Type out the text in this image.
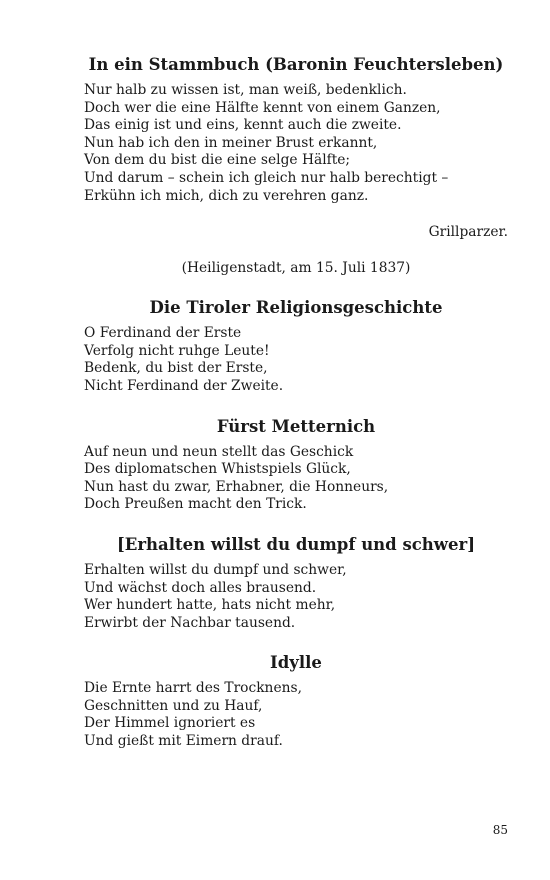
In ein Stammbuch (Baronin Feuchtersleben)
Nur halb zu wissen ist, man weiß, bedenklich.
Doch wer die eine Hälfte kennt von einem Ganzen,
Das einig ist und eins, kennt auch die zweite.
Nun hab ich den in meiner Brust erkannt,
Von dem du bist die eine selge Hälfte;
Und darum – schein ich gleich nur halb berechtigt –
Erkühn ich mich, dich zu verehren ganz.
Grillparzer.
(Heiligenstadt, am 15. Juli 1837)
Die Tiroler Religionsgeschichte
O Ferdinand der Erste
Verfolg nicht ruhge Leute!
Bedenk, du bist der Erste,
Nicht Ferdinand der Zweite.
Fürst Metternich
Auf neun und neun stellt das Geschick
Des diplomatschen Whistspiels Glück,
Nun hast du zwar, Erhabner, die Honneurs,
Doch Preußen macht den Trick.
[Erhalten willst du dumpf und schwer]
Erhalten willst du dumpf und schwer,
Und wächst doch alles brausend.
Wer hundert hatte, hats nicht mehr,
Erwirbt der Nachbar tausend.
Idylle
Die Ernte harrt des Trocknens,
Geschnitten und zu Hauf,
Der Himmel ignoriert es
Und gießt mit Eimern drauf.
85
